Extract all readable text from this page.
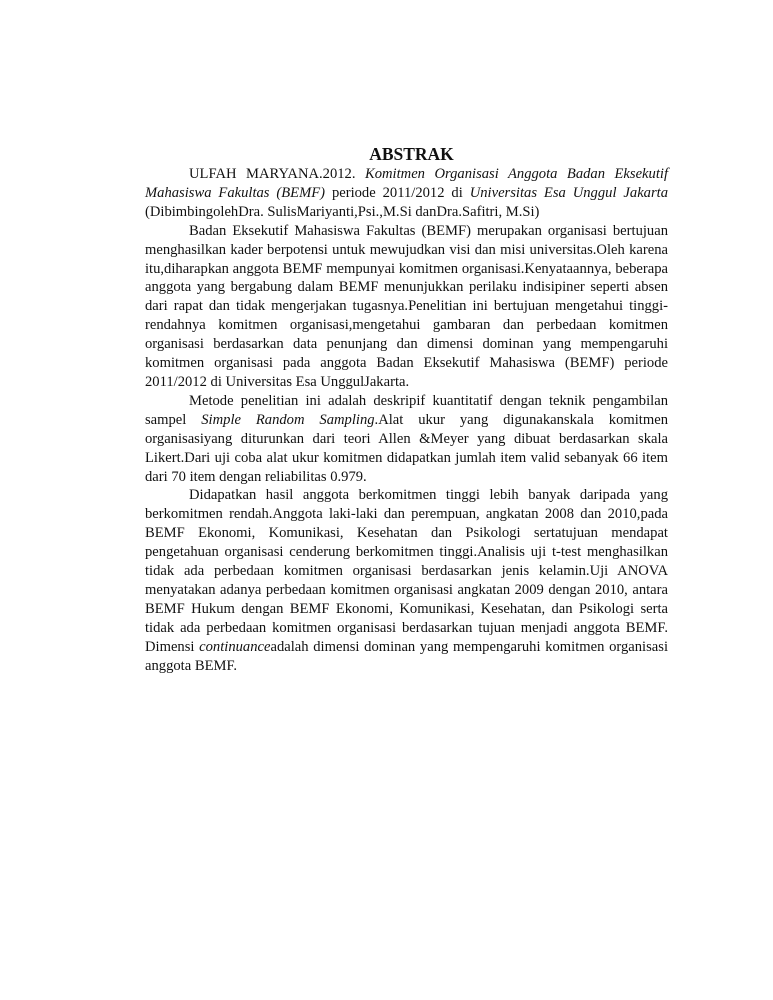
ABSTRAK

ULFAH MARYANA.2012. Komitmen Organisasi Anggota Badan Eksekutif Mahasiswa Fakultas (BEMF) periode 2011/2012 di Universitas Esa Unggul Jakarta (DibimbingolehDra. SulisMariyanti,Psi.,M.Si danDra.Safitri, M.Si)

Badan Eksekutif Mahasiswa Fakultas (BEMF) merupakan organisasi bertujuan menghasilkan kader berpotensi untuk mewujudkan visi dan misi universitas.Oleh karena itu,diharapkan anggota BEMF mempunyai komitmen organisasi.Kenyataannya, beberapa anggota yang bergabung dalam BEMF menunjukkan perilaku indisipiner seperti absen dari rapat dan tidak mengerjakan tugasnya.Penelitian ini bertujuan mengetahui tinggi-rendahnya komitmen organisasi,mengetahui gambaran dan perbedaan komitmen organisasi berdasarkan data penunjang dan dimensi dominan yang mempengaruhi komitmen organisasi pada anggota Badan Eksekutif Mahasiswa (BEMF) periode 2011/2012 di Universitas Esa UnggulJakarta.

Metode penelitian ini adalah deskripif kuantitatif dengan teknik pengambilan sampel Simple Random Sampling.Alat ukur yang digunakanskala komitmen organisasiyang diturunkan dari teori Allen &Meyer yang dibuat berdasarkan skala Likert.Dari uji coba alat ukur komitmen didapatkan jumlah item valid sebanyak 66 item dari 70 item dengan reliabilitas 0.979.

Didapatkan hasil anggota berkomitmen tinggi lebih banyak daripada yang berkomitmen rendah.Anggota laki-laki dan perempuan, angkatan 2008 dan 2010,pada BEMF Ekonomi, Komunikasi, Kesehatan dan Psikologi sertatujuan mendapat pengetahuan organisasi cenderung berkomitmen tinggi.Analisis uji t-test menghasilkan tidak ada perbedaan komitmen organisasi berdasarkan jenis kelamin.Uji ANOVA menyatakan adanya perbedaan komitmen organisasi angkatan 2009 dengan 2010, antara BEMF Hukum dengan BEMF Ekonomi, Komunikasi, Kesehatan, dan Psikologi serta tidak ada perbedaan komitmen organisasi berdasarkan tujuan menjadi anggota BEMF. Dimensi continuanceadalah dimensi dominan yang mempengaruhi komitmen organisasi anggota BEMF.
